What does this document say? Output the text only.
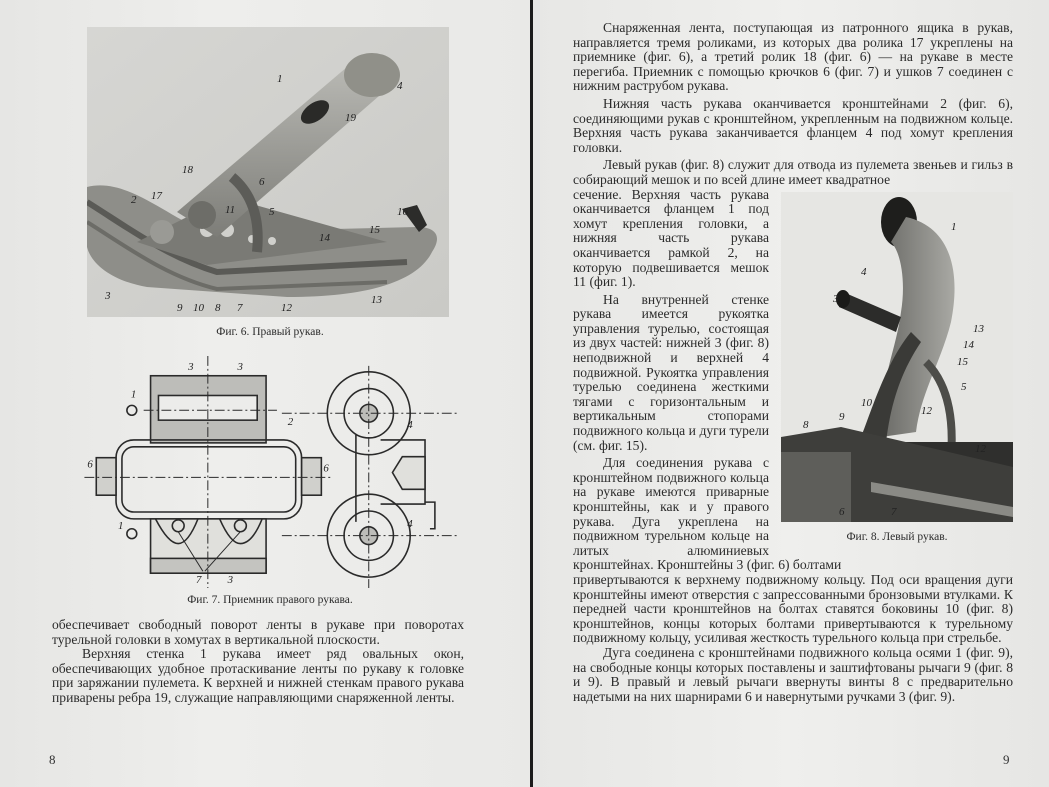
1
4
19
18
6
2 17
5
11	16
15
14
3
9 10 8 7	12
13
Фиг. 6. Правый рукав.
3	3
1
2
6	6
1
7 3
4
4
Фиг. 7. Приемник правого рукава.

обеспечивает свободный поворот ленты в рукаве при поворотах турельной головки в хомутах в вертикальной плоскости.

Верхняя стенка 1 рукава имеет ряд овальных окон, обеспечивающих удобное протаскивание ленты по рукаву к головке при заряжании пулемета. К верхней и нижней стенкам правого рукава приварены ребра 19, служащие направляющими снаряженной ленты.

8

Снаряженная лента, поступающая из патронного ящика в рукав, направляется тремя роликами, из которых два ролика 17 укреплены на приемнике (фиг. 6), а третий ролик 18 (фиг. 6) — на рукаве в месте перегиба. Приемник с помощью крючков 6 (фиг. 7) и ушков 7 соединен с нижним раструбом рукава.

Нижняя часть рукава оканчивается кронштейнами 2 (фиг. 6), соединяющими рукав с кронштейном, укрепленным на подвижном кольце. Верхняя часть рукава заканчивается фланцем 4 под хомут крепления головки.

Левый рукав (фиг. 8) служит для отвода из пулемета звеньев и гильз в собирающий мешок и по всей длине имеет квадратное

1
4
3
13
14
15
5
10
9
8
12
12
6	7
Фиг. 8. Левый рукав.

сечение. Верхняя часть рукава оканчивается фланцем 1 под хомут крепления головки, а нижняя часть рукава оканчивается рамкой 2, на которую подвешивается мешок 11 (фиг. 1).

На внутренней стенке рукава имеется рукоятка управления турелью, состоящая из двух частей: нижней 3 (фиг. 8) неподвижной и верхней 4 подвижной. Рукоятка управления турелью соединена жесткими тягами с горизонтальным и вертикальным стопорами подвижного кольца и дуги турели (см. фиг. 15).

Для соединения рукава с кронштейном подвижного кольца на рукаве имеются приварные кронштейны, как и у правого рукава. Дуга укреплена на подвижном турельном кольце на литых алюминиевых кронштейнах. Кронштейны 3 (фиг. 6) болтами

привертываются к верхнему подвижному кольцу. Под оси вращения дуги кронштейны имеют отверстия с запрессованными бронзовыми втулками. К передней части кронштейнов на болтах ставятся боковины 10 (фиг. 8) кронштейнов, концы которых болтами привертываются к турельному подвижному кольцу, усиливая жесткость турельного кольца при стрельбе.

Дуга соединена с кронштейнами подвижного кольца осями 1 (фиг. 9), на свободные концы которых поставлены и заштифтованы рычаги 9 (фиг. 8 и 9). В правый и левый рычаги ввернуты винты 8 с предварительно надетыми на них шарнирами 6 и навернутыми ручками 3 (фиг. 9).

9
